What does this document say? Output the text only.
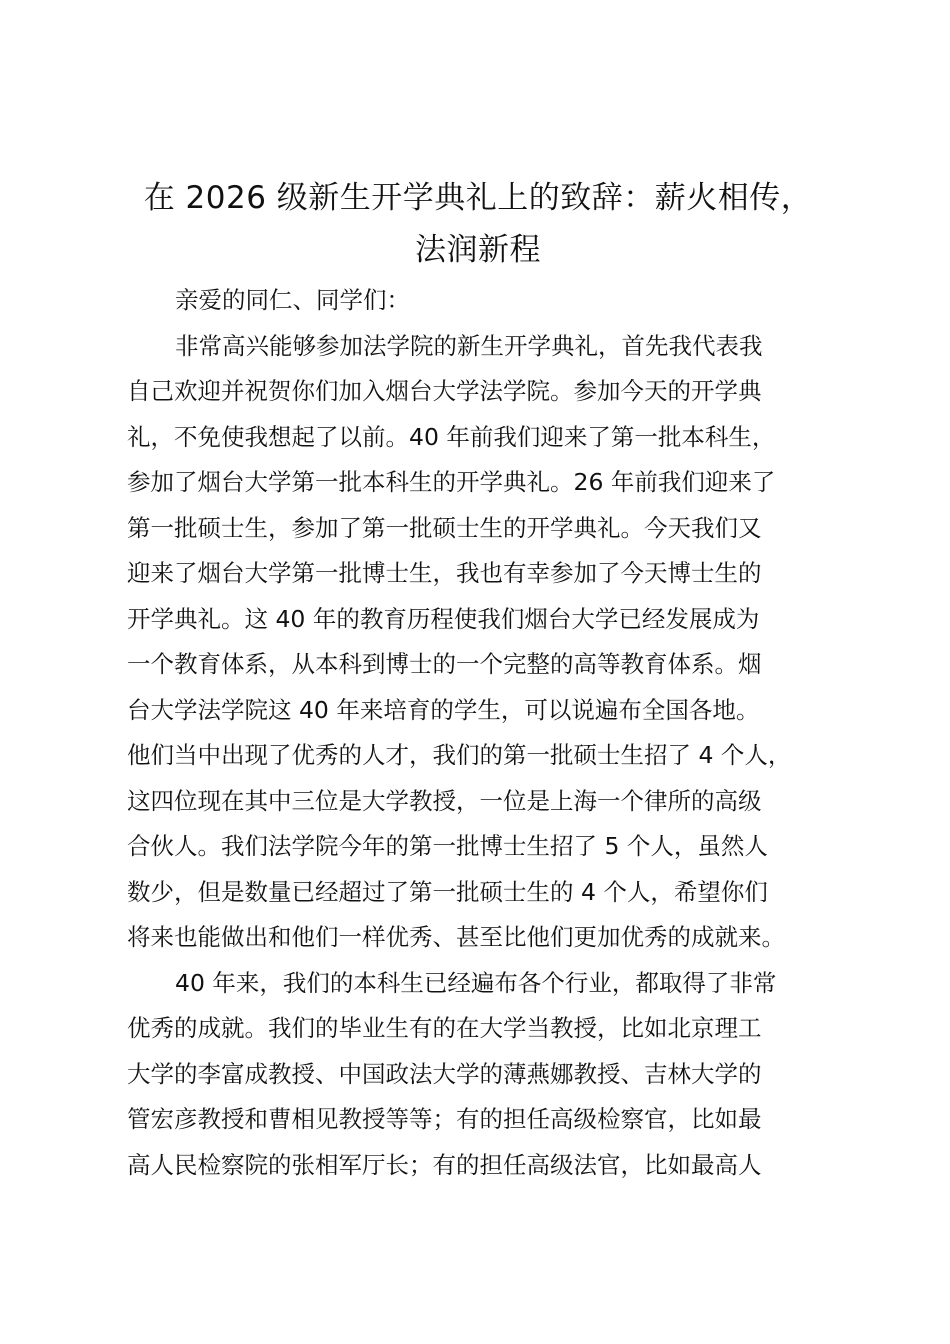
在 2026 级新生开学典礼上的致辞：薪火相传，
法润新程

亲爱的同仁、同学们：

非常高兴能够参加法学院的新生开学典礼，首先我代表我
自己欢迎并祝贺你们加入烟台大学法学院。参加今天的开学典
礼，不免使我想起了以前。40 年前我们迎来了第一批本科生，
参加了烟台大学第一批本科生的开学典礼。26 年前我们迎来了
第一批硕士生，参加了第一批硕士生的开学典礼。今天我们又
迎来了烟台大学第一批博士生，我也有幸参加了今天博士生的
开学典礼。这 40 年的教育历程使我们烟台大学已经发展成为
一个教育体系，从本科到博士的一个完整的高等教育体系。烟
台大学法学院这 40 年来培育的学生，可以说遍布全国各地。
他们当中出现了优秀的人才，我们的第一批硕士生招了 4 个人，
这四位现在其中三位是大学教授，一位是上海一个律所的高级
合伙人。我们法学院今年的第一批博士生招了 5 个人，虽然人
数少，但是数量已经超过了第一批硕士生的 4 个人，希望你们
将来也能做出和他们一样优秀、甚至比他们更加优秀的成就来。

40 年来，我们的本科生已经遍布各个行业，都取得了非常
优秀的成就。我们的毕业生有的在大学当教授，比如北京理工
大学的李富成教授、中国政法大学的薄燕娜教授、吉林大学的
管宏彦教授和曹相见教授等等；有的担任高级检察官，比如最
高人民检察院的张相军厅长；有的担任高级法官，比如最高人
